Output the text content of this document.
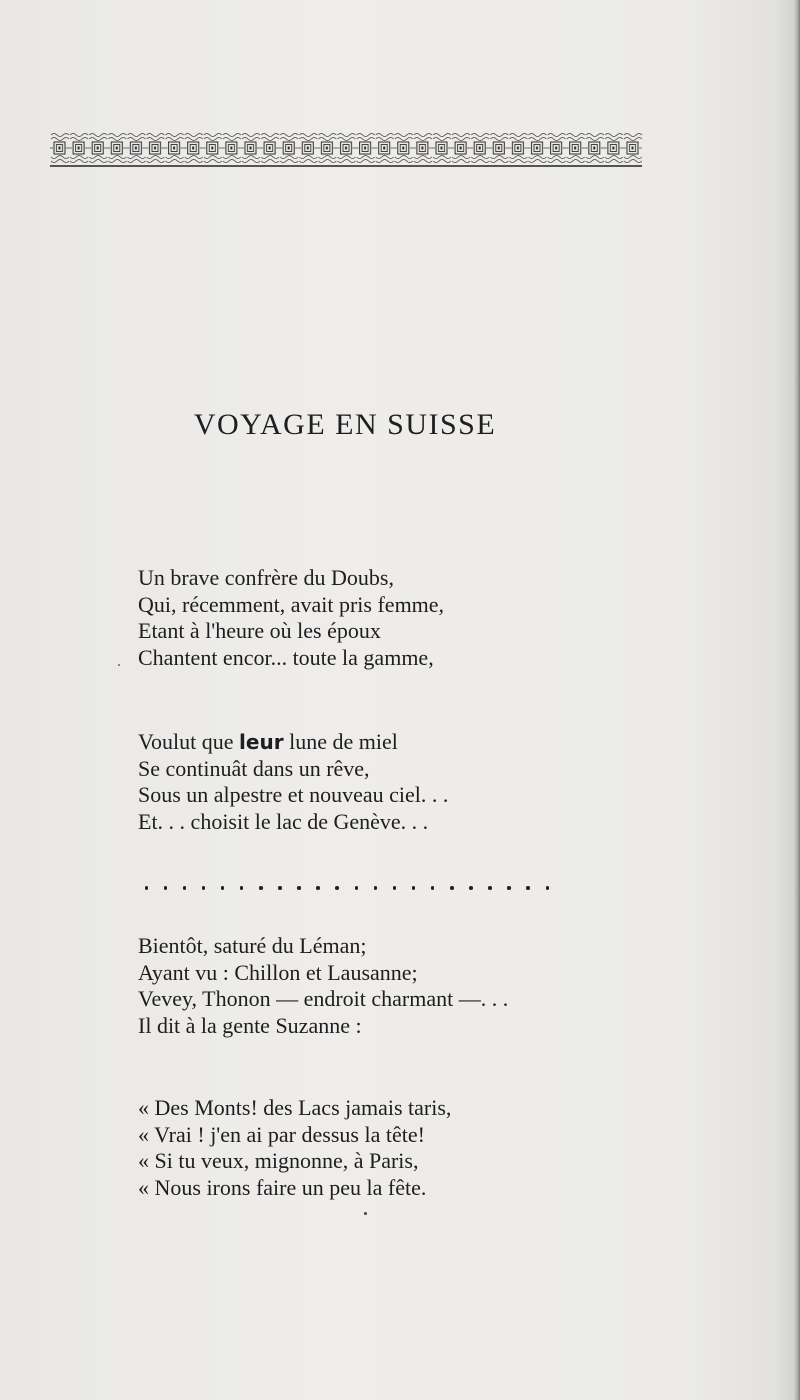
VOYAGE EN SUISSE
Un brave confrère du Doubs,
Qui, récemment, avait pris femme,
Etant à l'heure où les époux
Chantent encor... toute la gamme,
Voulut que leur lune de miel
Se continuât dans un rêve,
Sous un alpestre et nouveau ciel. . .
Et. . . choisit le lac de Genève. . .
Bientôt, saturé du Léman;
Ayant vu : Chillon et Lausanne;
Vevey, Thonon — endroit charmant —. . .
Il dit à la gente Suzanne :
« Des Monts! des Lacs jamais taris,
« Vrai ! j'en ai par dessus la tête!
« Si tu veux, mignonne, à Paris,
« Nous irons faire un peu la fête.
